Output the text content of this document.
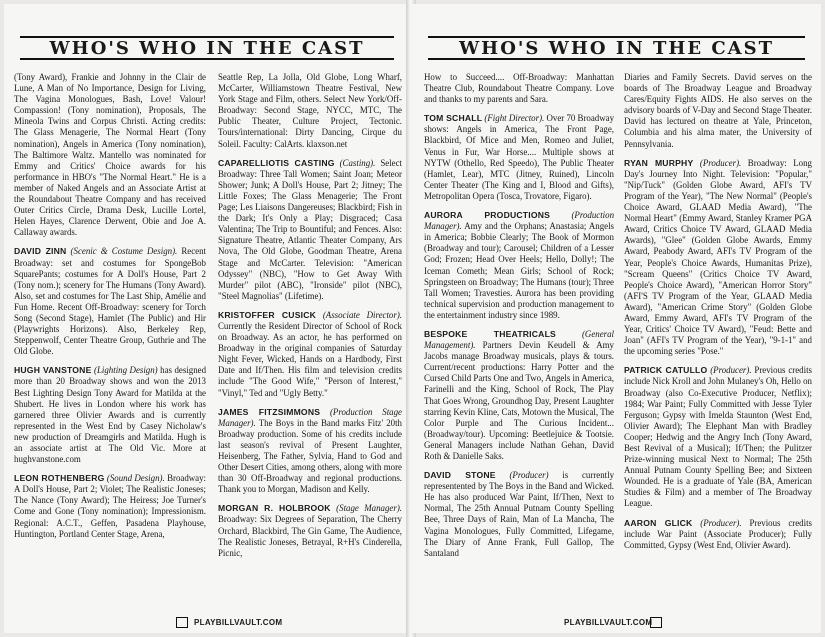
WHO'S WHO IN THE CAST

(Tony Award), Frankie and Johnny in the Clair de Lune, A Man of No Importance, Design for Living, The Vagina Monologues, Bash, Love! Valour! Compassion! (Tony nomination), Proposals, The Mineola Twins and Corpus Christi. Acting credits: The Glass Menagerie, The Normal Heart (Tony nomination), Angels in America (Tony nomination), The Baltimore Waltz. Mantello was nominated for Emmy and Critics' Choice awards for his performance in HBO's "The Normal Heart." He is a member of Naked Angels and an Associate Artist at the Roundabout Theatre Company and has received Outer Critics Circle, Drama Desk, Lucille Lortel, Helen Hayes, Clarence Derwent, Obie and Joe A. Callaway awards.

DAVID ZINN (Scenic & Costume Design). Recent Broadway: set and costumes for SpongeBob SquarePants; costumes for A Doll's House, Part 2 (Tony nom.); scenery for The Humans (Tony Award). Also, set and costumes for The Last Ship, Amélie and Fun Home. Recent Off-Broadway: scenery for Torch Song (Second Stage), Hamlet (The Public) and Hir (Playwrights Horizons). Also, Berkeley Rep, Steppenwolf, Center Theatre Group, Guthrie and The Old Globe.

HUGH VANSTONE (Lighting Design) has designed more than 20 Broadway shows and won the 2013 Best Lighting Design Tony Award for Matilda at the Shubert. He lives in London where his work has garnered three Olivier Awards and is currently represented in the West End by Casey Nicholaw's new production of Dreamgirls and Matilda. Hugh is an associate artist at The Old Vic. More at hughvanstone.com

LEON ROTHENBERG (Sound Design). Broadway: A Doll's House, Part 2; Violet; The Realistic Joneses; The Nance (Tony Award); The Heiress; Joe Turner's Come and Gone (Tony nomination); Impressionism. Regional: A.C.T., Geffen, Pasadena Playhouse, Huntington, Portland Center Stage, Arena,

Seattle Rep, La Jolla, Old Globe, Long Wharf, McCarter, Williamstown Theatre Festival, New York Stage and Film, others. Select New York/Off-Broadway: Second Stage, NYCC, MTC, The Public Theater, Culture Project, Tectonic. Tours/international: Dirty Dancing, Cirque du Soleil. Faculty: CalArts. klaxson.net

CAPARELLIOTIS CASTING (Casting). Select Broadway: Three Tall Women; Saint Joan; Meteor Shower; Junk; A Doll's House, Part 2; Jitney; The Little Foxes; The Glass Menagerie; The Front Page; Les Liaisons Dangereuses; Blackbird; Fish in the Dark; It's Only a Play; Disgraced; Casa Valentina; The Trip to Bountiful; and Fences. Also: Signature Theatre, Atlantic Theater Company, Ars Nova, The Old Globe, Goodman Theatre, Arena Stage and McCarter. Television: "American Odyssey" (NBC), "How to Get Away With Murder" pilot (ABC), "Ironside" pilot (NBC), "Steel Magnolias" (Lifetime).

KRISTOFFER CUSICK (Associate Director). Currently the Resident Director of School of Rock on Broadway. As an actor, he has performed on Broadway in the original companies of Saturday Night Fever, Wicked, Hands on a Hardbody, First Date and If/Then. His film and television credits include "The Good Wife," "Person of Interest," "Vinyl," Ted and "Ugly Betty."

JAMES FITZSIMMONS (Production Stage Manager). The Boys in the Band marks Fitz' 20th Broadway production. Some of his credits include last season's revival of Present Laughter, Heisenberg, The Father, Sylvia, Hand to God and Other Desert Cities, among others, along with more than 30 Off-Broadway and regional productions. Thank you to Morgan, Madison and Kelly.

MORGAN R. HOLBROOK (Stage Manager). Broadway: Six Degrees of Separation, The Cherry Orchard, Blackbird, The Gin Game, The Audience, The Realistic Joneses, Betrayal, R+H's Cinderella, Picnic,

PLAYBILLVAULT.COM
WHO'S WHO IN THE CAST

How to Succeed.... Off-Broadway: Manhattan Theatre Club, Roundabout Theatre Company. Love and thanks to my parents and Sara.

TOM SCHALL (Fight Director). Over 70 Broadway shows: Angels in America, The Front Page, Blackbird, Of Mice and Men, Romeo and Juliet, Venus in Fur, War Horse.... Multiple shows at NYTW (Othello, Red Speedo), The Public Theater (Hamlet, Lear), MTC (Jitney, Ruined), Lincoln Center Theater (The King and I, Blood and Gifts), Metropolitan Opera (Tosca, Trovatore, Figaro).

AURORA PRODUCTIONS (Production Manager). Amy and the Orphans; Anastasia; Angels in America; Bobbie Clearly; The Book of Mormon (Broadway and tour); Carousel; Children of a Lesser God; Frozen; Head Over Heels; Hello, Dolly!; The Iceman Cometh; Mean Girls; School of Rock; Springsteen on Broadway; The Humans (tour); Three Tall Women; Travesties. Aurora has been providing technical supervision and production management to the entertainment industry since 1989.

BESPOKE THEATRICALS	(General Management). Partners Devin Keudell & Amy Jacobs manage Broadway musicals, plays & tours. Current/recent productions: Harry Potter and the Cursed Child Parts One and Two, Angels in America, Farinelli and the King, School of Rock, The Play That Goes Wrong, Groundhog Day, Present Laughter starring Kevin Kline, Cats, Motown the Musical, The Color Purple and The Curious Incident... (Broadway/tour). Upcoming: Beetlejuice & Tootsie. General Managers include Nathan Gehan, David Roth & Danielle Saks.

DAVID STONE (Producer) is currently representented by The Boys in the Band and Wicked. He has also produced War Paint, If/Then, Next to Normal, The 25th Annual Putnam County Spelling Bee, Three Days of Rain, Man of La Mancha, The Vagina Monologues, Fully Committed, Lifegame, The Diary of Anne Frank, Full Gallop, The Santaland

Diaries and Family Secrets. David serves on the boards of The Broadway League and Broadway Cares/Equity Fights AIDS. He also serves on the advisory boards of V-Day and Second Stage Theater. David has lectured on theatre at Yale, Princeton, Columbia and his alma mater, the University of Pennsylvania.

RYAN MURPHY (Producer). Broadway: Long Day's Journey Into Night. Television: "Popular," "Nip/Tuck" (Golden Globe Award, AFI's TV Program of the Year), "The New Normal" (People's Choice Award, GLAAD Media Award), "The Normal Heart" (Emmy Award, Stanley Kramer PGA Award, Critics Choice TV Award, GLAAD Media Awards), "Glee" (Golden Globe Awards, Emmy Award, Peabody Award, AFI's TV Program of the Year, People's Choice Awards, Humanitas Prize), "Scream Queens" (Critics Choice TV Award, People's Choice Award), "American Horror Story" (AFI'S TV Program of the Year, GLAAD Media Award), "American Crime Story" (Golden Globe Award, Emmy Award, AFI's TV Program of the Year, Critics' Choice TV Award), "Feud: Bette and Joan" (AFI's TV Program of the Year), "9-1-1" and the upcoming series "Pose."

PATRICK CATULLO (Producer). Previous credits include Nick Kroll and John Mulaney's Oh, Hello on Broadway (also Co-Executive Producer, Netflix); 1984; War Paint; Fully Committed with Jesse Tyler Ferguson; Gypsy with Imelda Staunton (West End, Olivier Award); The Elephant Man with Bradley Cooper; Hedwig and the Angry Inch (Tony Award, Best Revival of a Musical); If/Then; the Pulitzer Prize-winning musical Next to Normal; The 25th Annual Putnam County Spelling Bee; and Sixteen Wounded. He is a graduate of Yale (BA, American Studies & Film) and a member of The Broadway League.

AARON GLICK (Producer). Previous credits include War Paint (Associate Producer); Fully Committed, Gypsy (West End, Olivier Award).

PLAYBILLVAULT.COM
